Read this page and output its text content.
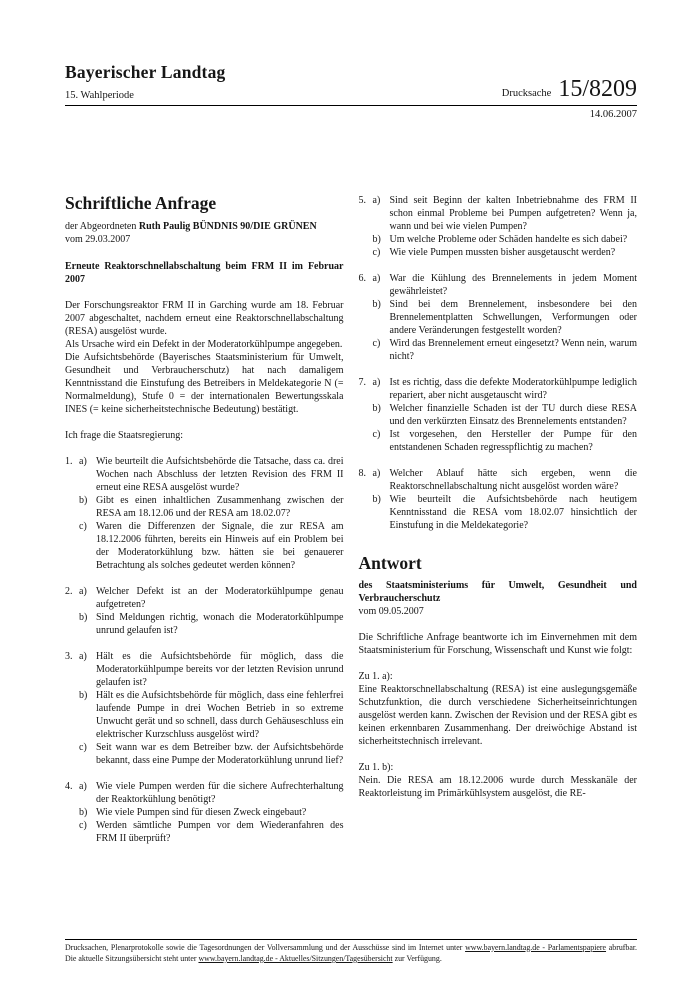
Bayerischer Landtag
15. Wahlperiode	Drucksache 15/8209
14.06.2007
Schriftliche Anfrage

der Abgeordneten Ruth Paulig BÜNDNIS 90/DIE GRÜNEN

vom 29.03.2007

Erneute Reaktorschnellabschaltung beim FRM II im Februar 2007

Der Forschungsreaktor FRM II in Garching wurde am 18. Februar 2007 abgeschaltet, nachdem erneut eine Reaktorschnellabschaltung (RESA) ausgelöst wurde.

Als Ursache wird ein Defekt in der Moderatorkühlpumpe angegeben.

Die Aufsichtsbehörde (Bayerisches Staatsministerium für Umwelt, Gesundheit und Verbraucherschutz) hat nach damaligem Kenntnisstand die Einstufung des Betreibers in Meldekategorie N (= Normalmeldung), Stufe 0 = der internationalen Bewertungsskala INES (= keine sicherheitstechnische Bedeutung) bestätigt.

Ich frage die Staatsregierung:

1. a) Wie beurteilt die Aufsichtsbehörde die Tatsache, dass ca. drei Wochen nach Abschluss der letzten Revision des FRM II erneut eine RESA ausgelöst wurde?
b) Gibt es einen inhaltlichen Zusammenhang zwischen der RESA am 18.12.06 und der RESA am 18.02.07?
c) Waren die Differenzen der Signale, die zur RESA am 18.12.2006 führten, bereits ein Hinweis auf ein Problem bei der Moderatorkühlung bzw. hätten sie bei genauerer Betrachtung als solches gedeutet werden können?
2. a) Welcher Defekt ist an der Moderatorkühlpumpe genau aufgetreten?
b) Sind Meldungen richtig, wonach die Moderatorkühlpumpe unrund gelaufen ist?
3. a) Hält es die Aufsichtsbehörde für möglich, dass die Moderatorkühlpumpe bereits vor der letzten Revision unrund gelaufen ist?
b) Hält es die Aufsichtsbehörde für möglich, dass eine fehlerfrei laufende Pumpe in drei Wochen Betrieb in so extreme Unwucht gerät und so schnell, dass durch Gehäuseschluss ein elektrischer Kurzschluss ausgelöst wird?
c) Seit wann war es dem Betreiber bzw. der Aufsichtsbehörde bekannt, dass eine Pumpe der Moderatorkühlung unrund lief?
4. a) Wie viele Pumpen werden für die sichere Aufrechterhaltung der Reaktorkühlung benötigt?
b) Wie viele Pumpen sind für diesen Zweck eingebaut?
c) Werden sämtliche Pumpen vor dem Wiederanfahren des FRM II überprüft?
5. a) Sind seit Beginn der kalten Inbetriebnahme des FRM II schon einmal Probleme bei Pumpen aufgetreten? Wenn ja, wann und bei wie vielen Pumpen?
b) Um welche Probleme oder Schäden handelte es sich dabei?
c) Wie viele Pumpen mussten bisher ausgetauscht werden?
6. a) War die Kühlung des Brennelements in jedem Moment gewährleistet?
b) Sind bei dem Brennelement, insbesondere bei den Brennelementplatten Schwellungen, Verformungen oder andere Veränderungen festgestellt worden?
c) Wird das Brennelement erneut eingesetzt? Wenn nein, warum nicht?
7. a) Ist es richtig, dass die defekte Moderatorkühlpumpe lediglich repariert, aber nicht ausgetauscht wird?
b) Welcher finanzielle Schaden ist der TU durch diese RESA und den verkürzten Einsatz des Brennelements entstanden?
c) Ist vorgesehen, den Hersteller der Pumpe für den entstandenen Schaden regresspflichtig zu machen?
8. a) Welcher Ablauf hätte sich ergeben, wenn die Reaktorschnellabschaltung nicht ausgelöst worden wäre?
b) Wie beurteilt die Aufsichtsbehörde nach heutigem Kenntnisstand die RESA vom 18.02.07 hinsichtlich der Einstufung in die Meldekategorie?
Antwort

des Staatsministeriums für Umwelt, Gesundheit und Verbraucherschutz

vom 09.05.2007

Die Schriftliche Anfrage beantworte ich im Einvernehmen mit dem Staatsministerium für Forschung, Wissenschaft und Kunst wie folgt:

Zu 1. a):

Eine Reaktorschnellabschaltung (RESA) ist eine auslegungsgemäße Schutzfunktion, die durch verschiedene Sicherheitseinrichtungen ausgelöst werden kann. Zwischen der Revision und der RESA gibt es keinen erkennbaren Zusammenhang. Der dreiwöchige Abstand ist sicherheitstechnisch irrelevant.

Zu 1. b):

Nein. Die RESA am 18.12.2006 wurde durch Messkanäle der Reaktorleistung im Primärkühlsystem ausgelöst, die RE-

Drucksachen, Plenarprotokolle sowie die Tagesordnungen der Vollversammlung und der Ausschüsse sind im Internet unter www.bayern.landtag.de - Parlamentspapiere abrufbar. Die aktuelle Sitzungsübersicht steht unter www.bayern.landtag.de - Aktuelles/Sitzungen/Tagesübersicht zur Verfügung.
